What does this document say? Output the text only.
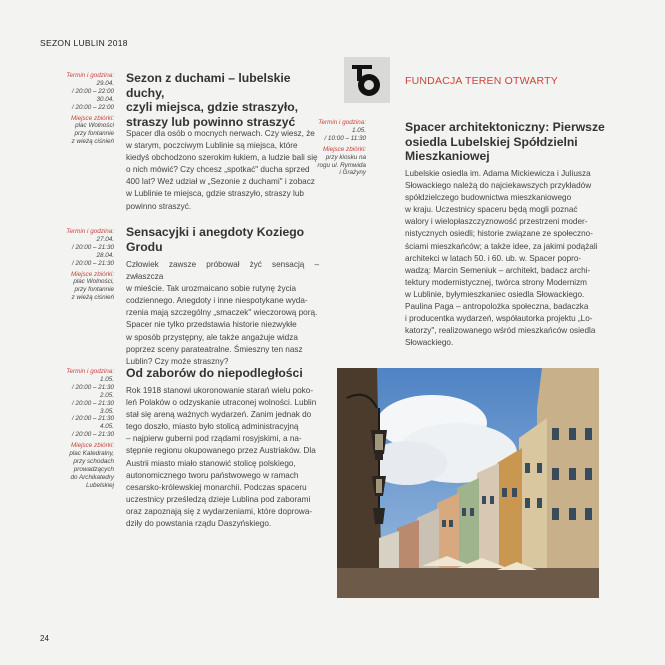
SEZON LUBLIN 2018
Termin i godzina:
29.04.
/ 20:00 – 22:00
30.04.
/ 20:00 – 22:00
Miejsce zbiórki:
plac Wolności
przy fontannie
z wieżą ciśnień
Sezon z duchami – lubelskie duchy,
czyli miejsca, gdzie straszyło,
straszy lub powinno straszyć
Spacer dla osób o mocnych nerwach. Czy wiesz, że
w starym, poczciwym Lublinie są miejsca, które
kiedyś obchodzono szerokim łukiem, a ludzie bali się
o nich mówić? Czy chcesz „spotkać" ducha sprzed
400 lat? Weź udział w „Sezonie z duchami" i zobacz
w Lublinie te miejsca, gdzie straszyło, straszy lub
powinno straszyć.
Termin i godzina:
27.04.
/ 20:00 – 21:30
28.04.
/ 20:00 – 21:30
Miejsce zbiórki:
plac Wolności,
przy fontannie
z wieżą ciśnień
Sensacyjki i anegdoty Koziego
Grodu
Człowiek zawsze próbował żyć sensacją – zwłaszcza
w mieście. Tak urozmaicano sobie rutynę życia
codziennego. Anegdoty i inne niespotykane wyda-
rzenia mają szczególny „smaczek" wieczorową porą.
Spacer nie tylko przedstawia historie niezwykłe
w sposób przystępny, ale także angażuje widza
poprzez sceny parateatralne. Śmieszny ten nasz
Lublin? Czy może straszny?
Termin i godzina:
1.05.
/ 20:00 – 21:30
2.05.
/ 20:00 – 21:30
3.05.
/ 20:00 – 21:30
4.05.
/ 20:00 – 21:30
Miejsce zbiórki:
plac Katedralny,
przy schodach
prowadzących
do Archikatedry
Lubelskiej
Od zaborów do niepodległości
Rok 1918 stanowi ukoronowanie starań wielu poko-
leń Polaków o odzyskanie utraconej wolności. Lublin
stał się areną ważnych wydarzeń. Zanim jednak do
tego doszło, miasto było stolicą administracyjną
– najpierw guberni pod rządami rosyjskimi, a na-
stępnie regionu okupowanego przez Austriaków. Dla
Austrii miasto miało stanowić stolicę polskiego,
autonomicznego tworu państwowego w ramach
cesarsko-królewskiej monarchii. Podczas spaceru
uczestnicy prześledzą dzieje Lublina pod zaborami
oraz zapoznają się z wydarzeniami, które doprowa-
dziły do powstania rządu Daszyńskiego.
FUNDACJA TEREN OTWARTY
Termin i godzina:
1.05.
/ 10:00 – 11:30
Miejsce zbiórki:
przy kiosku na
rogu ul. Rymwida
i Grażyny
Spacer architektoniczny: Pierwsze
osiedla Lubelskiej Spółdzielni
Mieszkaniowej
Lubelskie osiedla im. Adama Mickiewicza i Juliusza
Słowackiego należą do najciekawszych przykładów
spółdzielczego budownictwa mieszkaniowego
w kraju. Uczestnicy spaceru będą mogli poznać
walory i wielopłaszczyznowość przestrzeni moder-
nistycznych osiedli; historie związane ze społeczno-
ściami mieszkańców; a także idee, za jakimi podążali
architekci w latach 50. i 60. ub. w. Spacer popro-
wadzą: Marcin Semeniuk – architekt, badacz archi-
tektury modernistycznej, twórca strony Modernizm
w Lublinie, byłymieszkaniec osiedla Słowackiego.
Paulina Paga – antropolożka społeczna, badaczka
i producentka wydarzeń, współautorka projektu „Lo-
katorzy", realizowanego wśród mieszkańców osiedla
Słowackiego.
24
